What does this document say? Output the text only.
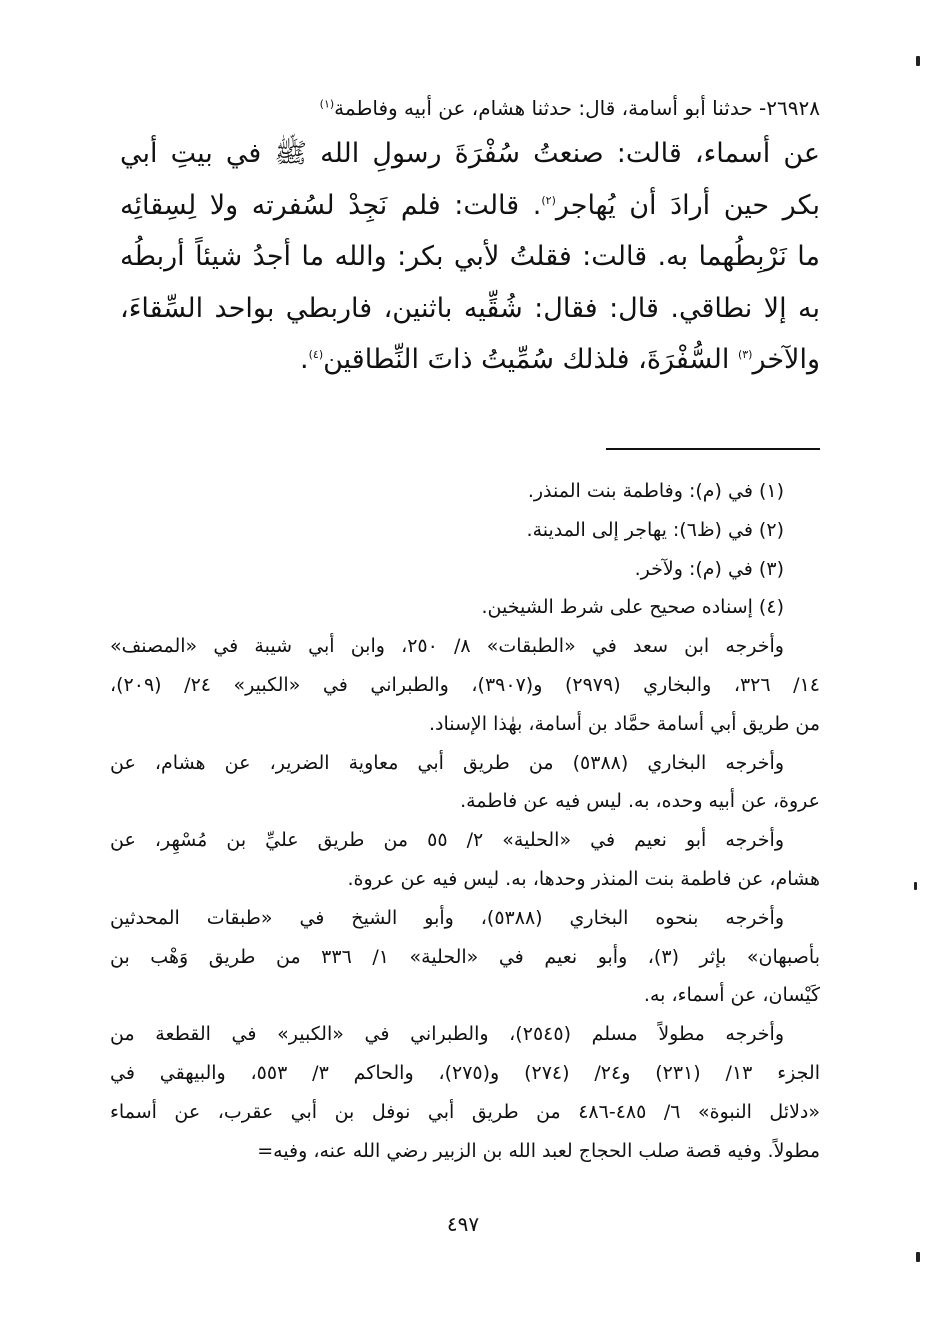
٢٦٩٢٨- حدثنا أبو أسامة، قال: حدثنا هشام، عن أبيه وفاطمة$^{(١)}$

عن أسماء، قالت: صنعتُ سُفْرَةَ رسولِ الله ﷺ في بيتِ أبي
بكر حين أرادَ أن يُهاجر$^{(٢)}$. قالت: فلم نَجِدْ لسُفرته ولا لِسِقائِه
ما نَرْبِطُهما به. قالت: فقلتُ لأبي بكر: والله ما أجدُ شيئاً أربطُه
به إلا نطاقي. قال: فقال: شُقِّيه باثنين، فاربطي بواحد السِّقاءَ،
والآخر$^{(٣)}$ السُّفْرَةَ، فلذلك سُمِّيتُ ذاتَ النِّطاقين$^{(٤)}$.

(١) في (م): وفاطمة بنت المنذر.

(٢) في (ظ٦): يهاجر إلى المدينة.

(٣) في (م): ولآخر.

(٤) إسناده صحيح على شرط الشيخين.

وأخرجه ابن سعد في «الطبقات» ٨/ ٢٥٠، وابن أبي شيبة في «المصنف»
١٤/ ٣٢٦، والبخاري (٢٩٧٩) و(٣٩٠٧)، والطبراني في «الكبير» ٢٤/ (٢٠٩)،
من طريق أبي أسامة حمَّاد بن أسامة، بهٰذا الإسناد.
وأخرجه البخاري (٥٣٨٨) من طريق أبي معاوية الضرير، عن هشام، عن
عروة، عن أبيه وحده، به. ليس فيه عن فاطمة.
وأخرجه أبو نعيم في «الحلية» ٢/ ٥٥ من طريق عليِّ بن مُسْهِر، عن
هشام، عن فاطمة بنت المنذر وحدها، به. ليس فيه عن عروة.
وأخرجه بنحوه البخاري (٥٣٨٨)، وأبو الشيخ في «طبقات المحدثين
بأصبهان» بإثر (٣)، وأبو نعيم في «الحلية» ١/ ٣٣٦ من طريق وَهْب بن
كَيْسان، عن أسماء، به.
وأخرجه مطولاً مسلم (٢٥٤٥)، والطبراني في «الكبير» في القطعة من
الجزء ١٣/ (٢٣١) و٢٤/ (٢٧٤) و(٢٧٥)، والحاكم ٣/ ٥٥٣، والبيهقي في
«دلائل النبوة» ٦/ ٤٨٥-٤٨٦ من طريق أبي نوفل بن أبي عقرب، عن أسماء
مطولاً. وفيه قصة صلب الحجاج لعبد الله بن الزبير رضي الله عنه، وفيه=
٤٩٧
